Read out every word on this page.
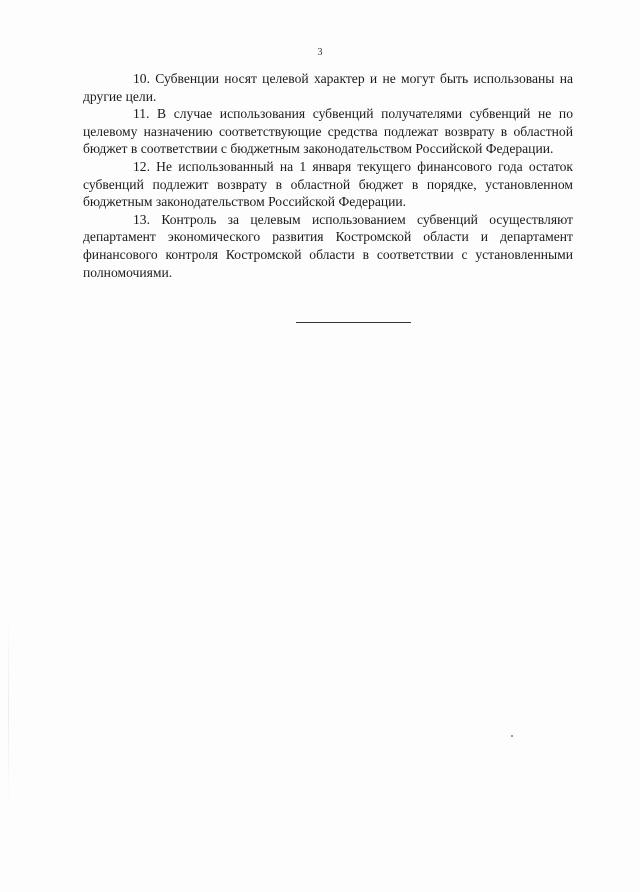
3

10. Субвенции носят целевой характер и не могут быть использованы на другие цели.

11. В случае использования субвенций получателями субвенций не по целевому назначению соответствующие средства подлежат возврату в областной бюджет в соответствии с бюджетным законодательством Российской Федерации.

12. Не использованный на 1 января текущего финансового года остаток субвенций подлежит возврату в областной бюджет в порядке, установленном бюджетным законодательством Российской Федерации.

13. Контроль за целевым использованием субвенций осуществляют департамент экономического развития Костромской области и департамент финансового контроля Костромской области в соответствии с установленными полномочиями.
